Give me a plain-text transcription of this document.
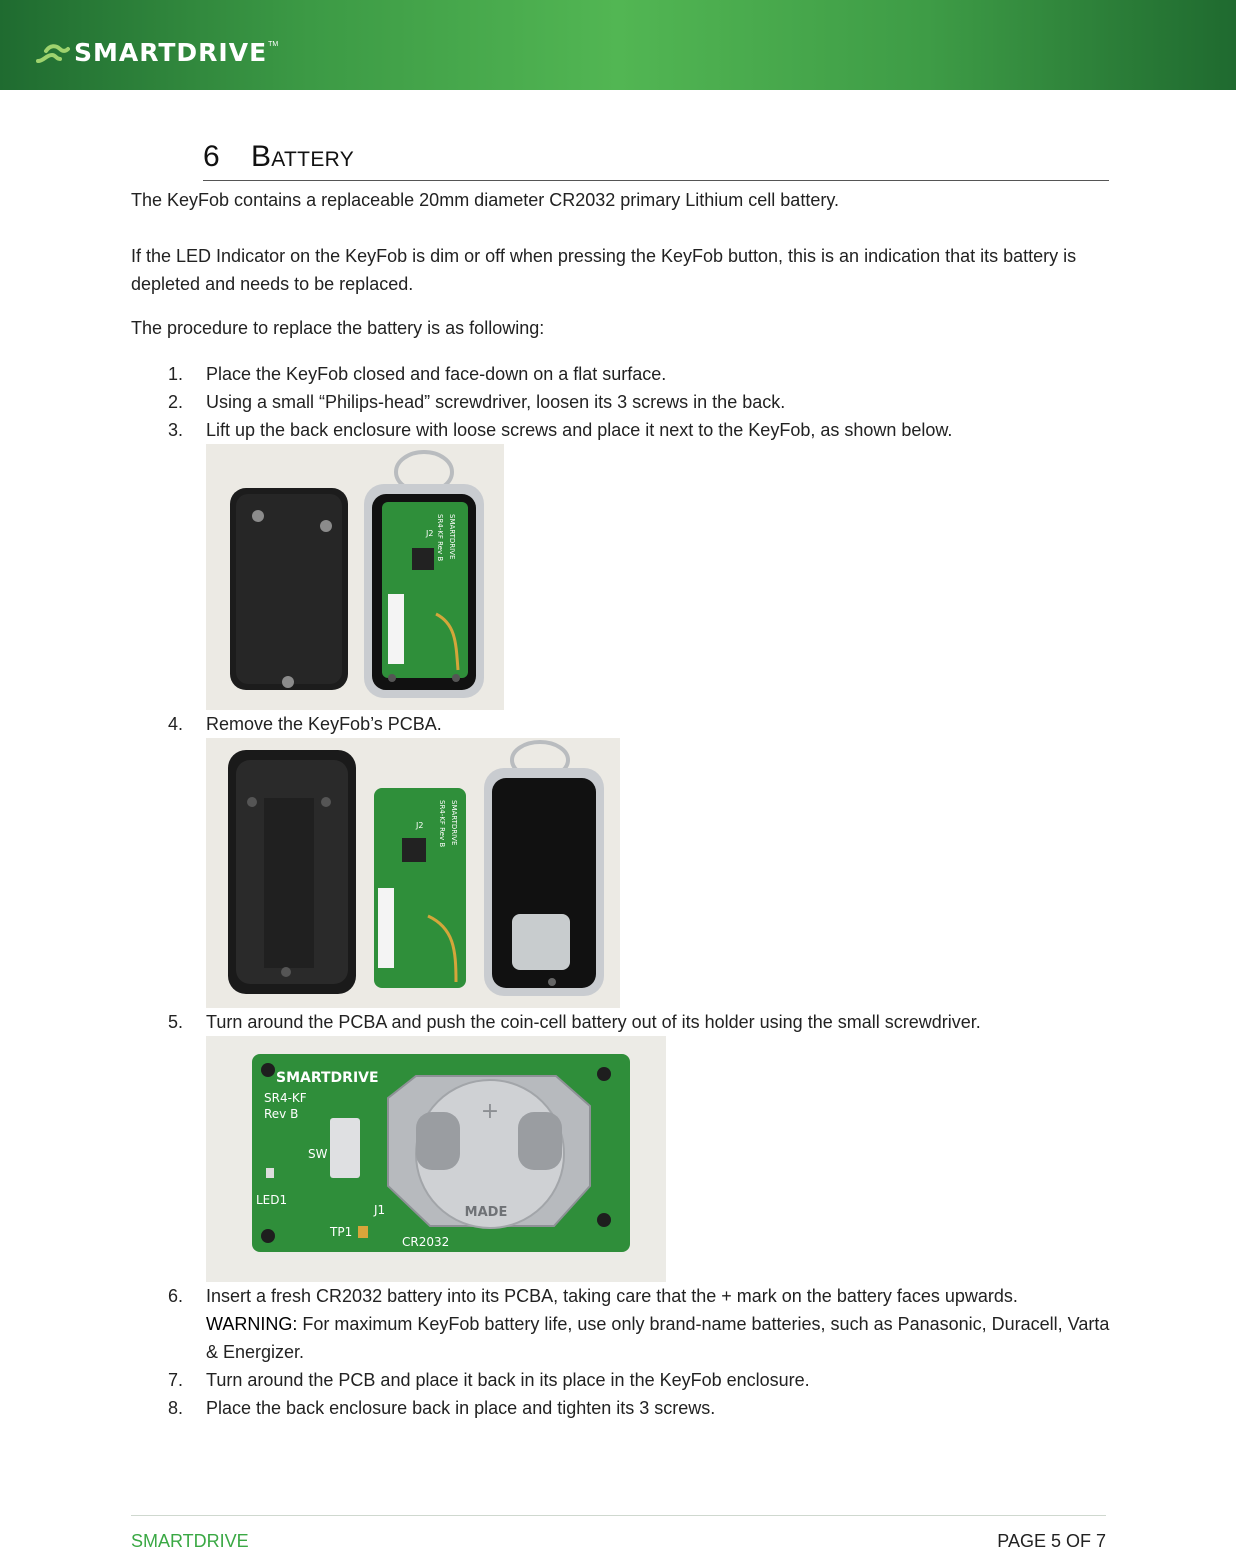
SMARTDRIVE TM
6 Battery

The KeyFob contains a replaceable 20mm diameter CR2032 primary Lithium cell battery.

If the LED Indicator on the KeyFob is dim or off when pressing the KeyFob button, this is an indication that its battery is depleted and needs to be replaced.

The procedure to replace the battery is as following:

1. Place the KeyFob closed and face-down on a flat surface.
2. Using a small “Philips-head” screwdriver, loosen its 3 screws in the back.
3. Lift up the back enclosure with loose screws and place it next to the KeyFob, as shown below.
SMARTDRIVE
SR4-KF Rev B
J2
4. Remove the KeyFob’s PCBA.
SMARTDRIVE
SR4-KF Rev B
J2
5. Turn around the PCBA and push the coin-cell battery out of its holder using the small screwdriver.
SMARTDRIVE
SR4-KF
Rev B
SW
LED1
J1
TP1
+
MADE
CR2032
6. Insert a fresh CR2032 battery into its PCBA, taking care that the + mark on the battery faces upwards.
WARNING: For maximum KeyFob battery life, use only brand-name batteries, such as Panasonic, Duracell, Varta & Energizer.
7. Turn around the PCB and place it back in its place in the KeyFob enclosure.
8. Place the back enclosure back in place and tighten its 3 screws.
SMARTDRIVE	PAGE 5 OF 7
